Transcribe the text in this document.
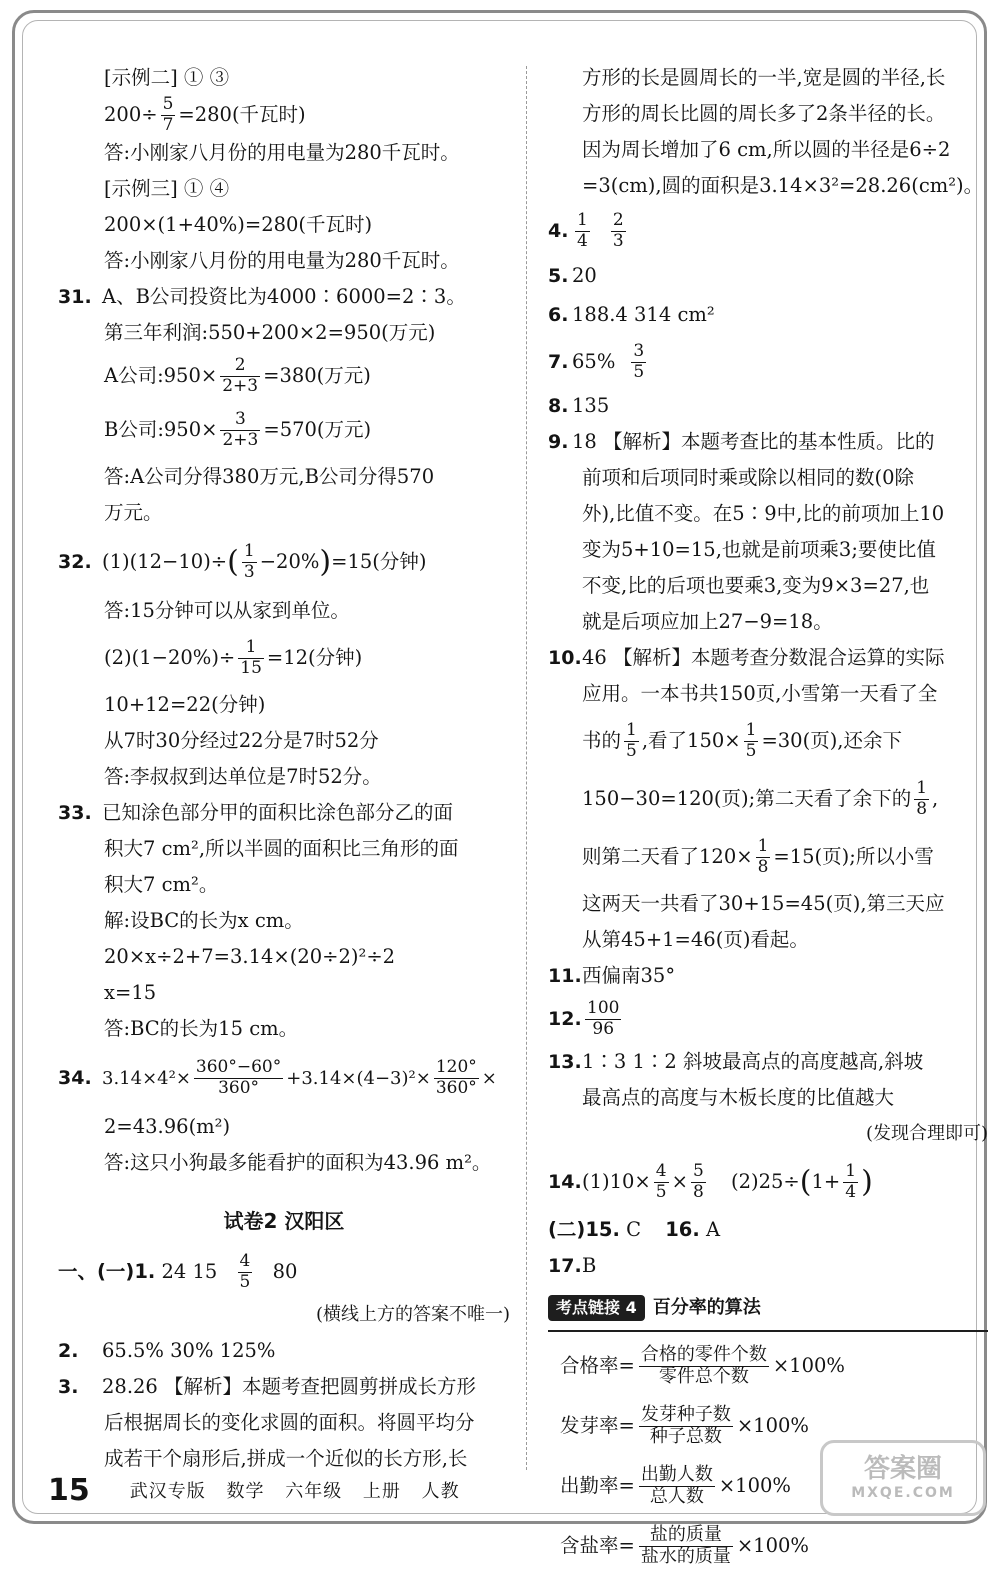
[示例二] ① ③
$200\div \frac{5}{7} =280$(千瓦时)
答:小刚家八月份的用电量为280千瓦时。
[示例三] ① ④
200×(1+40%)=280(千瓦时)
答:小刚家八月份的用电量为280千瓦时。
31. A、B公司投资比为4000∶6000=2∶3。
第三年利润:550+200×2=950(万元)
A公司:950× $\frac{2}{2+3} =380$(万元)
B公司:950× $\frac{3}{2+3} =570$(万元)
答:A公司分得380万元,B公司分得570
万元。
32. $(1)(12-10)\div( \frac{1}{3} -20\%)=15$(分钟)
答:15分钟可以从家到单位。
$(2)(1-20\%)\div \frac{1}{15} =12$(分钟)
10+12=22(分钟)
从7时30分经过22分是7时52分
答:李叔叔到达单位是7时52分。
33. 已知涂色部分甲的面积比涂色部分乙的面
积大7 cm²,所以半圆的面积比三角形的面
积大7 cm²。
解:设BC的长为x cm。
20×x÷2+7=3.14×(20÷2)²÷2
x=15
答:BC的长为15 cm。
34. $3.14\times 4^2\times \frac{360^\circ-60^\circ}{360^\circ} +3.14\times(4-3)^2\times \frac{120^\circ}{360^\circ}$ ×
2=43.96(m²)
答:这只小狗最多能看护的面积为43.96 m²。
试卷2 汉阳区
一、(一)1. 24 $15 \frac{4}{5} 80$
(横线上方的答案不唯一)
2. 65.5% 30% 125%
3. 28.26 【解析】本题考查把圆剪拼成长方形
后根据周长的变化求圆的面积。将圆平均分
成若干个扇形后,拼成一个近似的长方形,长
方形的长是圆周长的一半,宽是圆的半径,长
方形的周长比圆的周长多了2条半径的长。
因为周长增加了6 cm,所以圆的半径是6÷2
=3(cm),圆的面积是3.14×3²=28.26(cm²)。
4. $\frac{1}{4} \frac{2}{3}$
5. 20
6. 188.4 314 cm²
7. $65\% \frac{3}{5}$
8. 135
9. 18 【解析】本题考查比的基本性质。比的
前项和后项同时乘或除以相同的数(0除
外),比值不变。在5∶9中,比的前项加上10
变为5+10=15,也就是前项乘3;要使比值
不变,比的后项也要乘3,变为9×3=27,也
就是后项应加上27−9=18。
10.46 【解析】本题考查分数混合运算的实际
应用。一本书共150页,小雪第一天看了全
书的 $\frac{1}{5}$ ,看了$150\times \frac{1}{5} =30$(页),还余下
150−30=120(页);第二天看了余下的 $\frac{1}{8}$ ,
则第二天看了$120\times \frac{1}{8} =15$(页);所以小雪
这两天一共看了30+15=45(页),第三天应
从第45+1=46(页)看起。
11.西偏南35°
12. $\frac{100}{96}$
13.1∶3 1∶2 斜坡最高点的高度越高,斜坡
最高点的高度与木板长度的比值越大
(发现合理即可)
$14.(1)10\times \frac{4}{5} \times \frac{5}{8} (2)25\div(1+ \frac{1}{4}$ )
(二)15. C 16. A
17.B
考点链接 4 百分率的算法
合格率= $\frac{\text{合格的零件个数}}{\text{零件总个数}} \times 100\%$
发芽率= $\frac{\text{发芽种子数}}{\text{种子总数}} \times 100\%$
出勤率= $\frac{\text{出勤人数}}{\text{总人数}} \times 100\%$
含盐率= $\frac{\text{盐的质量}}{\text{盐水的质量}} \times 100\%$
15 武汉专版 数学 六年级 上册 人教
答案圈
MXQE.COM
